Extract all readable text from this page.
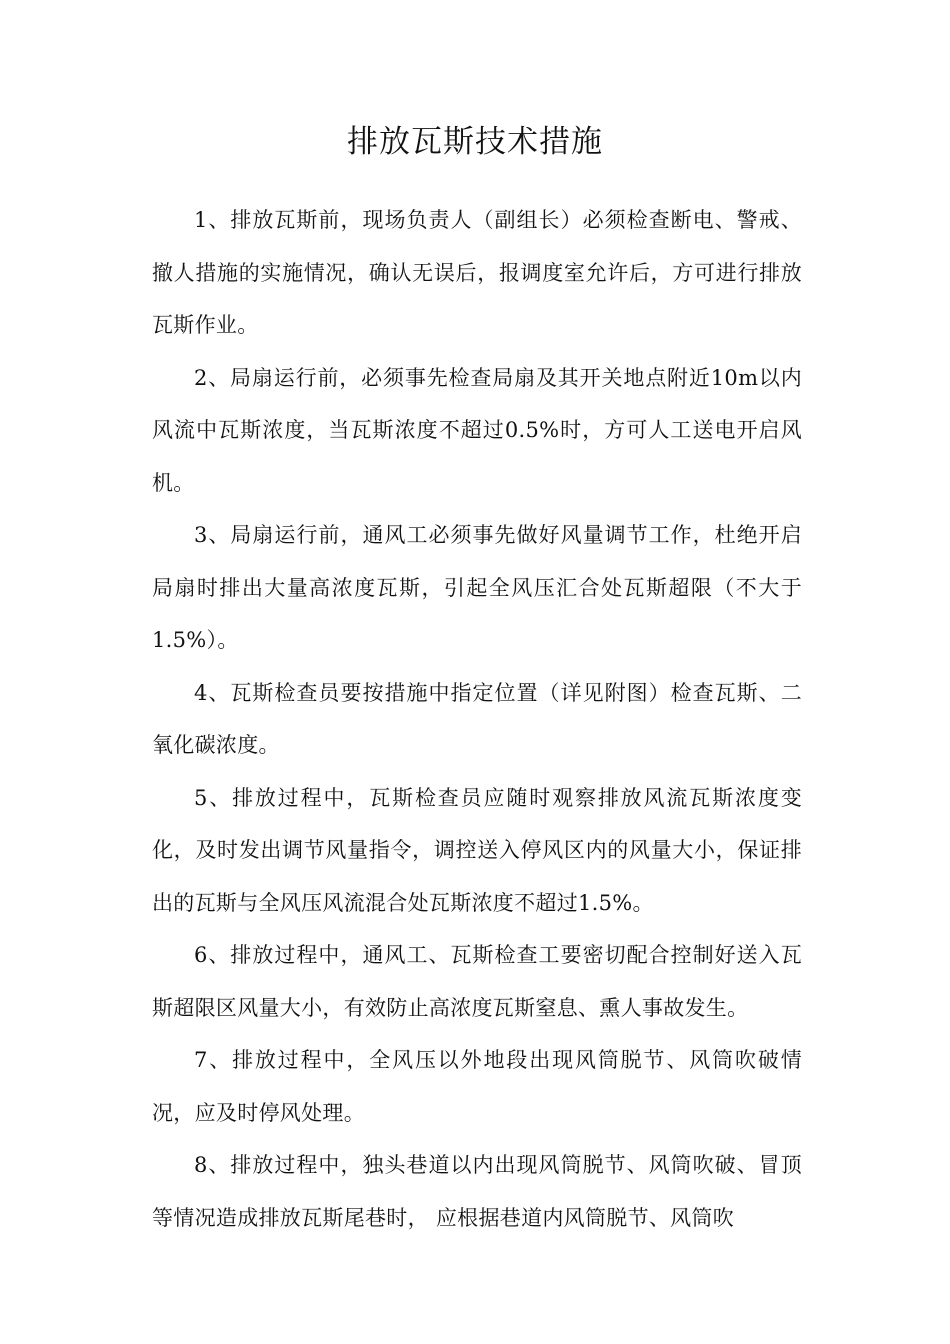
排放瓦斯技术措施

1、排放瓦斯前，现场负责人（副组长）必须检查断电、警戒、撤人措施的实施情况，确认无误后，报调度室允许后，方可进行排放瓦斯作业。

2、局扇运行前，必须事先检查局扇及其开关地点附近10m以内风流中瓦斯浓度，当瓦斯浓度不超过0.5%时，方可人工送电开启风机。

3、局扇运行前，通风工必须事先做好风量调节工作，杜绝开启局扇时排出大量高浓度瓦斯，引起全风压汇合处瓦斯超限（不大于1.5%）。

4、瓦斯检查员要按措施中指定位置（详见附图）检查瓦斯、二氧化碳浓度。

5、排放过程中，瓦斯检查员应随时观察排放风流瓦斯浓度变化，及时发出调节风量指令，调控送入停风区内的风量大小，保证排出的瓦斯与全风压风流混合处瓦斯浓度不超过1.5%。

6、排放过程中，通风工、瓦斯检查工要密切配合控制好送入瓦斯超限区风量大小，有效防止高浓度瓦斯窒息、熏人事故发生。

7、排放过程中，全风压以外地段出现风筒脱节、风筒吹破情况，应及时停风处理。

8、排放过程中，独头巷道以内出现风筒脱节、风筒吹破、冒顶等情况造成排放瓦斯尾巷时， 应根据巷道内风筒脱节、风筒吹
